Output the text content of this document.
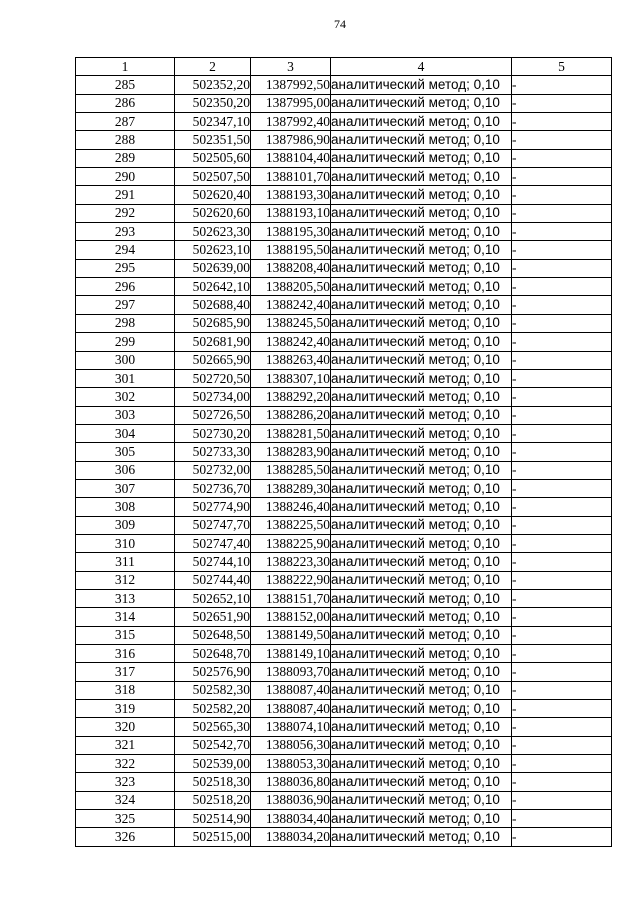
74
1	2	3	4	5
285	502352,20	1387992,50	аналитический метод; 0,10	-
286	502350,20	1387995,00	аналитический метод; 0,10	-
287	502347,10	1387992,40	аналитический метод; 0,10	-
288	502351,50	1387986,90	аналитический метод; 0,10	-
289	502505,60	1388104,40	аналитический метод; 0,10	-
290	502507,50	1388101,70	аналитический метод; 0,10	-
291	502620,40	1388193,30	аналитический метод; 0,10	-
292	502620,60	1388193,10	аналитический метод; 0,10	-
293	502623,30	1388195,30	аналитический метод; 0,10	-
294	502623,10	1388195,50	аналитический метод; 0,10	-
295	502639,00	1388208,40	аналитический метод; 0,10	-
296	502642,10	1388205,50	аналитический метод; 0,10	-
297	502688,40	1388242,40	аналитический метод; 0,10	-
298	502685,90	1388245,50	аналитический метод; 0,10	-
299	502681,90	1388242,40	аналитический метод; 0,10	-
300	502665,90	1388263,40	аналитический метод; 0,10	-
301	502720,50	1388307,10	аналитический метод; 0,10	-
302	502734,00	1388292,20	аналитический метод; 0,10	-
303	502726,50	1388286,20	аналитический метод; 0,10	-
304	502730,20	1388281,50	аналитический метод; 0,10	-
305	502733,30	1388283,90	аналитический метод; 0,10	-
306	502732,00	1388285,50	аналитический метод; 0,10	-
307	502736,70	1388289,30	аналитический метод; 0,10	-
308	502774,90	1388246,40	аналитический метод; 0,10	-
309	502747,70	1388225,50	аналитический метод; 0,10	-
310	502747,40	1388225,90	аналитический метод; 0,10	-
311	502744,10	1388223,30	аналитический метод; 0,10	-
312	502744,40	1388222,90	аналитический метод; 0,10	-
313	502652,10	1388151,70	аналитический метод; 0,10	-
314	502651,90	1388152,00	аналитический метод; 0,10	-
315	502648,50	1388149,50	аналитический метод; 0,10	-
316	502648,70	1388149,10	аналитический метод; 0,10	-
317	502576,90	1388093,70	аналитический метод; 0,10	-
318	502582,30	1388087,40	аналитический метод; 0,10	-
319	502582,20	1388087,40	аналитический метод; 0,10	-
320	502565,30	1388074,10	аналитический метод; 0,10	-
321	502542,70	1388056,30	аналитический метод; 0,10	-
322	502539,00	1388053,30	аналитический метод; 0,10	-
323	502518,30	1388036,80	аналитический метод; 0,10	-
324	502518,20	1388036,90	аналитический метод; 0,10	-
325	502514,90	1388034,40	аналитический метод; 0,10	-
326	502515,00	1388034,20	аналитический метод; 0,10	-
